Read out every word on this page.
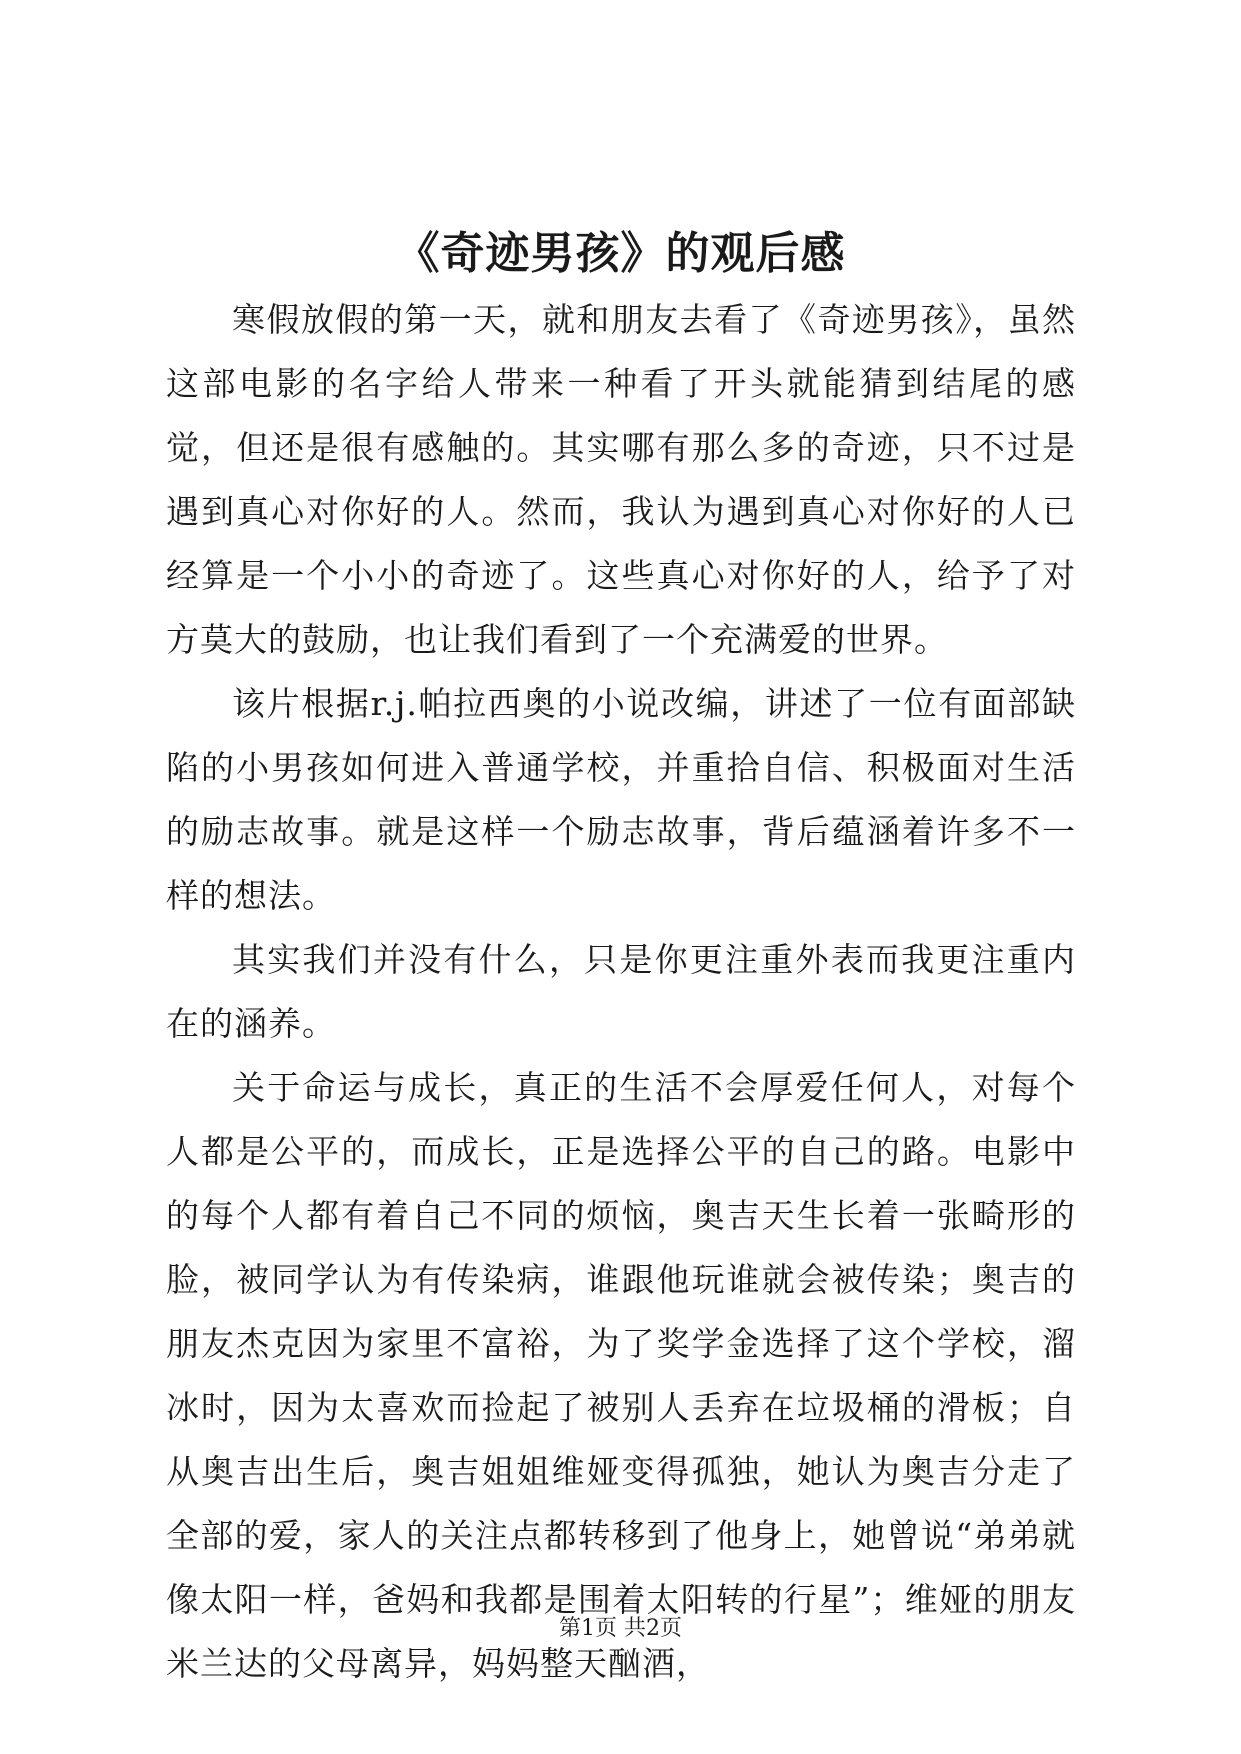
《奇迹男孩》的观后感

寒假放假的第一天，就和朋友去看了《奇迹男孩》，虽然这部电影的名字给人带来一种看了开头就能猜到结尾的感觉，但还是很有感触的。其实哪有那么多的奇迹，只不过是遇到真心对你好的人。然而，我认为遇到真心对你好的人已经算是一个小小的奇迹了。这些真心对你好的人，给予了对方莫大的鼓励，也让我们看到了一个充满爱的世界。

该片根据r.j.帕拉西奥的小说改编，讲述了一位有面部缺陷的小男孩如何进入普通学校，并重拾自信、积极面对生活的励志故事。就是这样一个励志故事，背后蕴涵着许多不一样的想法。

其实我们并没有什么，只是你更注重外表而我更注重内在的涵养。

关于命运与成长，真正的生活不会厚爱任何人，对每个人都是公平的，而成长，正是选择公平的自己的路。电影中的每个人都有着自己不同的烦恼，奥吉天生长着一张畸形的脸，被同学认为有传染病，谁跟他玩谁就会被传染；奥吉的朋友杰克因为家里不富裕，为了奖学金选择了这个学校，溜冰时，因为太喜欢而捡起了被别人丢弃在垃圾桶的滑板；自从奥吉出生后，奥吉姐姐维娅变得孤独，她认为奥吉分走了全部的爱，家人的关注点都转移到了他身上，她曾说“弟弟就像太阳一样，爸妈和我都是围着太阳转的行星”；维娅的朋友米兰达的父母离异，妈妈整天酗酒，

第1页 共2页
